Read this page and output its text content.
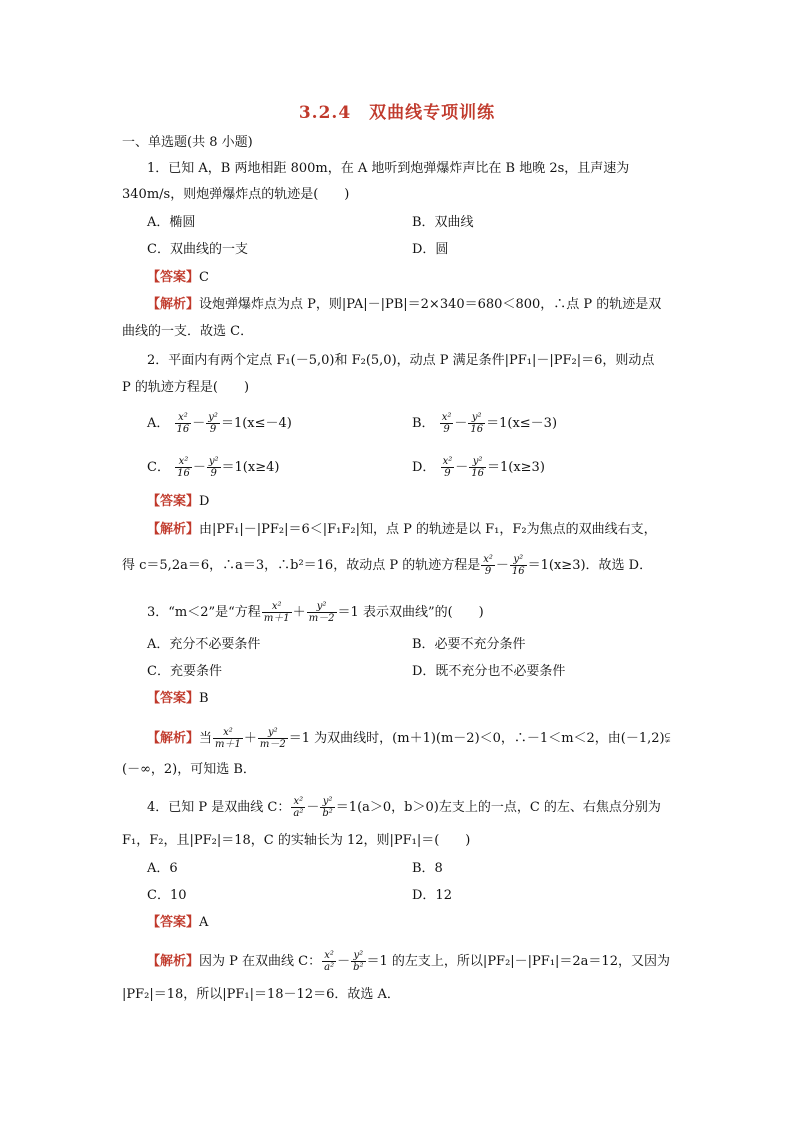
3.2.4　双曲线专项训练
一、单选题(共 8 小题)
1．已知 A，B 两地相距 800m，在 A 地听到炮弹爆炸声比在 B 地晚 2s，且声速为
340m/s，则炮弹爆炸点的轨迹是(　　)
A．椭圆	B．双曲线
C．双曲线的一支	D．圆
【答案】C
【解析】设炮弹爆炸点为点 P，则|PA|－|PB|＝2×340＝680＜800，∴点 P 的轨迹是双
曲线的一支．故选 C．
2．平面内有两个定点 F₁(－5,0)和 F₂(5,0)，动点 P 满足条件|PF₁|－|PF₂|＝6，则动点
P 的轨迹方程是(　　)
A． $\frac{\text{x²}}{16} - \frac{\text{y²}}{9} =1(x\le-4)$	B． $\frac{\text{x²}}{9} - \frac{\text{y²}}{16} =1(x\le-3)$
C． $\frac{\text{x²}}{16} - \frac{\text{y²}}{9} =1(x\ge 4)$	D． $\frac{\text{x²}}{9} - \frac{\text{y²}}{16} =1(x\ge 3)$
【答案】D
【解析】由|PF₁|－|PF₂|＝6＜|F₁F₂|知，点 P 的轨迹是以 F₁，F₂为焦点的双曲线右支，
得 c＝5,2a＝6，∴a＝3，∴b²＝16，故动点 P 的轨迹方程是 $\frac{\text{x²}}{9} - \frac{\text{y²}}{16} =1(x\ge 3)$．故选 D．
3．“m＜2”是“方程 $\frac{\text{x²}}{m+1} + \frac{\text{y²}}{m-2} =1$ 表示双曲线”的(　　)
A．充分不必要条件	B．必要不充分条件
C．充要条件	D．既不充分也不必要条件
【答案】B
【解析】当 $\frac{\text{x²}}{m+1} + \frac{\text{y²}}{m-2} =1$ 为双曲线时，(m＋1)(m－2)＜0，∴－1＜m＜2，由(－1,2)⫋
(－∞，2)，可知选 B．
4．已知 P 是双曲线 C： $\frac{\text{x²}}{\text{a²}} - \frac{\text{y²}}{\text{b²}} =1(a>0$，b＞0)左支上的一点，C 的左、右焦点分别为
F₁，F₂，且|PF₂|＝18，C 的实轴长为 12，则|PF₁|＝(　　)
A．6	B．8
C．10	D．12
【答案】A
【解析】因为 P 在双曲线 C： $\frac{\text{x²}}{\text{a²}} - \frac{\text{y²}}{\text{b²}} =1$ 的左支上，所以|PF₂|－|PF₁|＝2a＝12，又因为
|PF₂|＝18，所以|PF₁|＝18－12＝6．故选 A．
